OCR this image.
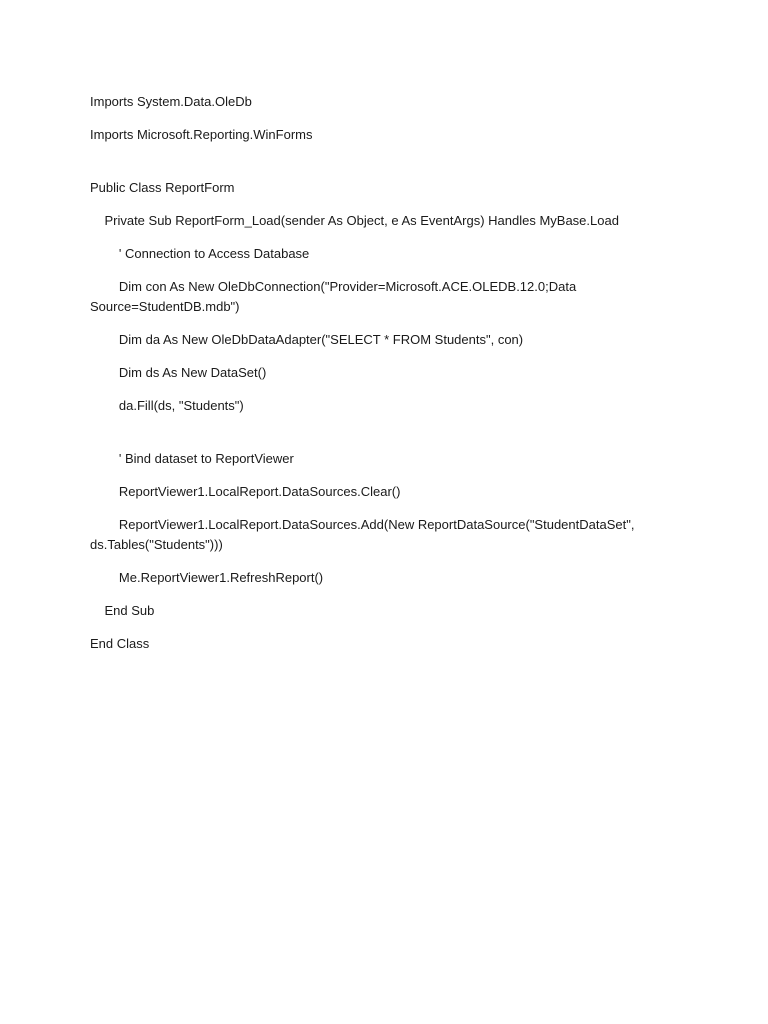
Imports System.Data.OleDb
Imports Microsoft.Reporting.WinForms
Public Class ReportForm
Private Sub ReportForm_Load(sender As Object, e As EventArgs) Handles MyBase.Load
' Connection to Access Database
Dim con As New OleDbConnection("Provider=Microsoft.ACE.OLEDB.12.0;Data Source=StudentDB.mdb")
Dim da As New OleDbDataAdapter("SELECT * FROM Students", con)
Dim ds As New DataSet()
da.Fill(ds, "Students")
' Bind dataset to ReportViewer
ReportViewer1.LocalReport.DataSources.Clear()
ReportViewer1.LocalReport.DataSources.Add(New ReportDataSource("StudentDataSet", ds.Tables("Students")))
Me.ReportViewer1.RefreshReport()
End Sub
End Class
